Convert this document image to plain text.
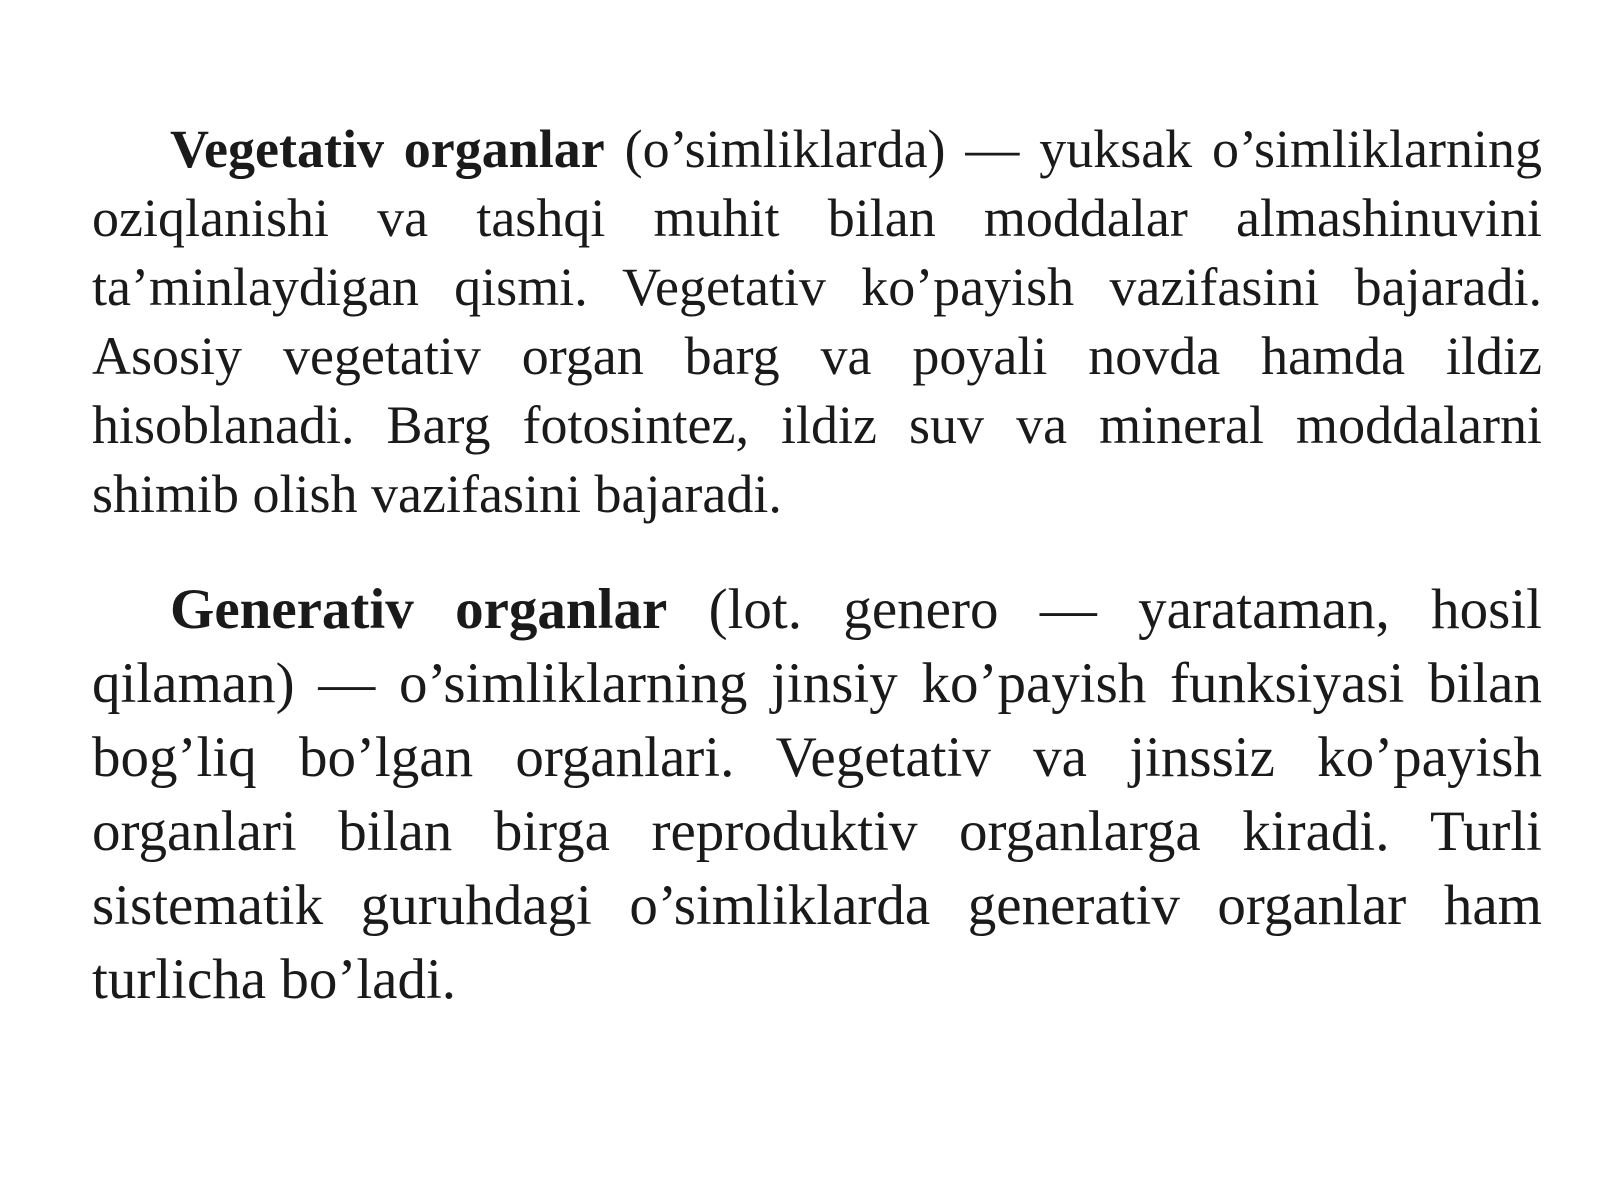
Vegetativ organlar (o’simliklarda) — yuksak o’simliklarning oziqlanishi va tashqi muhit bilan moddalar almashinuvini ta’minlaydigan qismi. Vegetativ ko’payish vazifasini bajaradi. Asosiy vegetativ organ barg va poyali novda hamda ildiz hisoblanadi. Barg fotosintez, ildiz suv va mineral moddalarni shimib olish vazifasini bajaradi.

Generativ organlar (lot. genero — yarataman, hosil qilaman) — o’simliklarning jinsiy ko’payish funksiyasi bilan bog’liq bo’lgan organlari. Vegetativ va jinssiz ko’payish organlari bilan birga reproduktiv organlarga kiradi. Turli sistematik guruhdagi o’simliklarda generativ organlar ham turlicha bo’ladi.
